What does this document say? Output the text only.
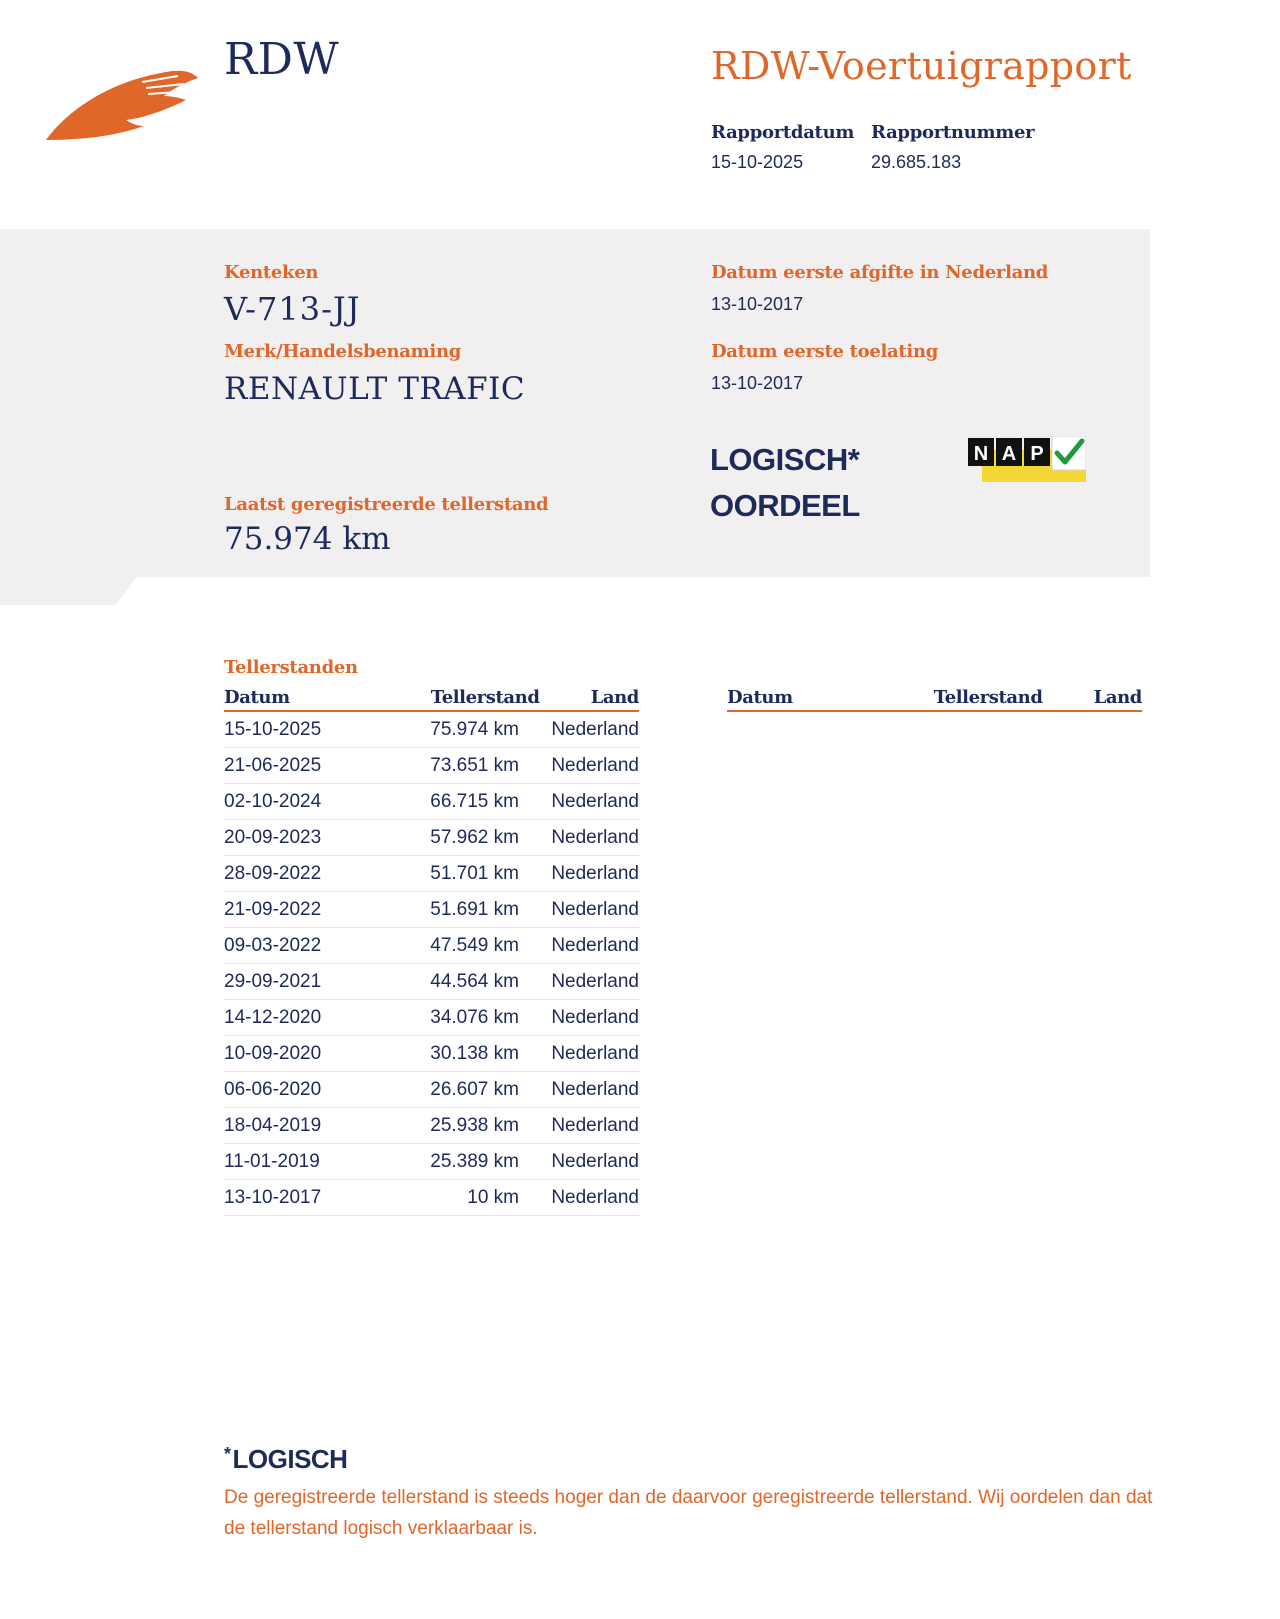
RDW	RDW-Voertuigrapport
Rapportdatum
15-10-2025
Rapportnummer
29.685.183
Kenteken
V-713-JJ
Merk/Handelsbenaming
RENAULT TRAFIC
Laatst geregistreerde tellerstand
75.974 km
Datum eerste afgifte in Nederland
13-10-2017
Datum eerste toelating
13-10-2017
LOGISCH*
OORDEEL
N A P
Tellerstanden
Datum	Tellerstand	Land
15-10-2025	75.974 km	Nederland
21-06-2025	73.651 km	Nederland
02-10-2024	66.715 km	Nederland
20-09-2023	57.962 km	Nederland
28-09-2022	51.701 km	Nederland
21-09-2022	51.691 km	Nederland
09-03-2022	47.549 km	Nederland
29-09-2021	44.564 km	Nederland
14-12-2020	34.076 km	Nederland
10-09-2020	30.138 km	Nederland
06-06-2020	26.607 km	Nederland
18-04-2019	25.938 km	Nederland
11-01-2019	25.389 km	Nederland
13-10-2017	10 km	Nederland
Datum	Tellerstand	Land
*LOGISCH
De geregistreerde tellerstand is steeds hoger dan de daarvoor geregistreerde tellerstand. Wij oordelen dan dat de tellerstand logisch verklaarbaar is.
